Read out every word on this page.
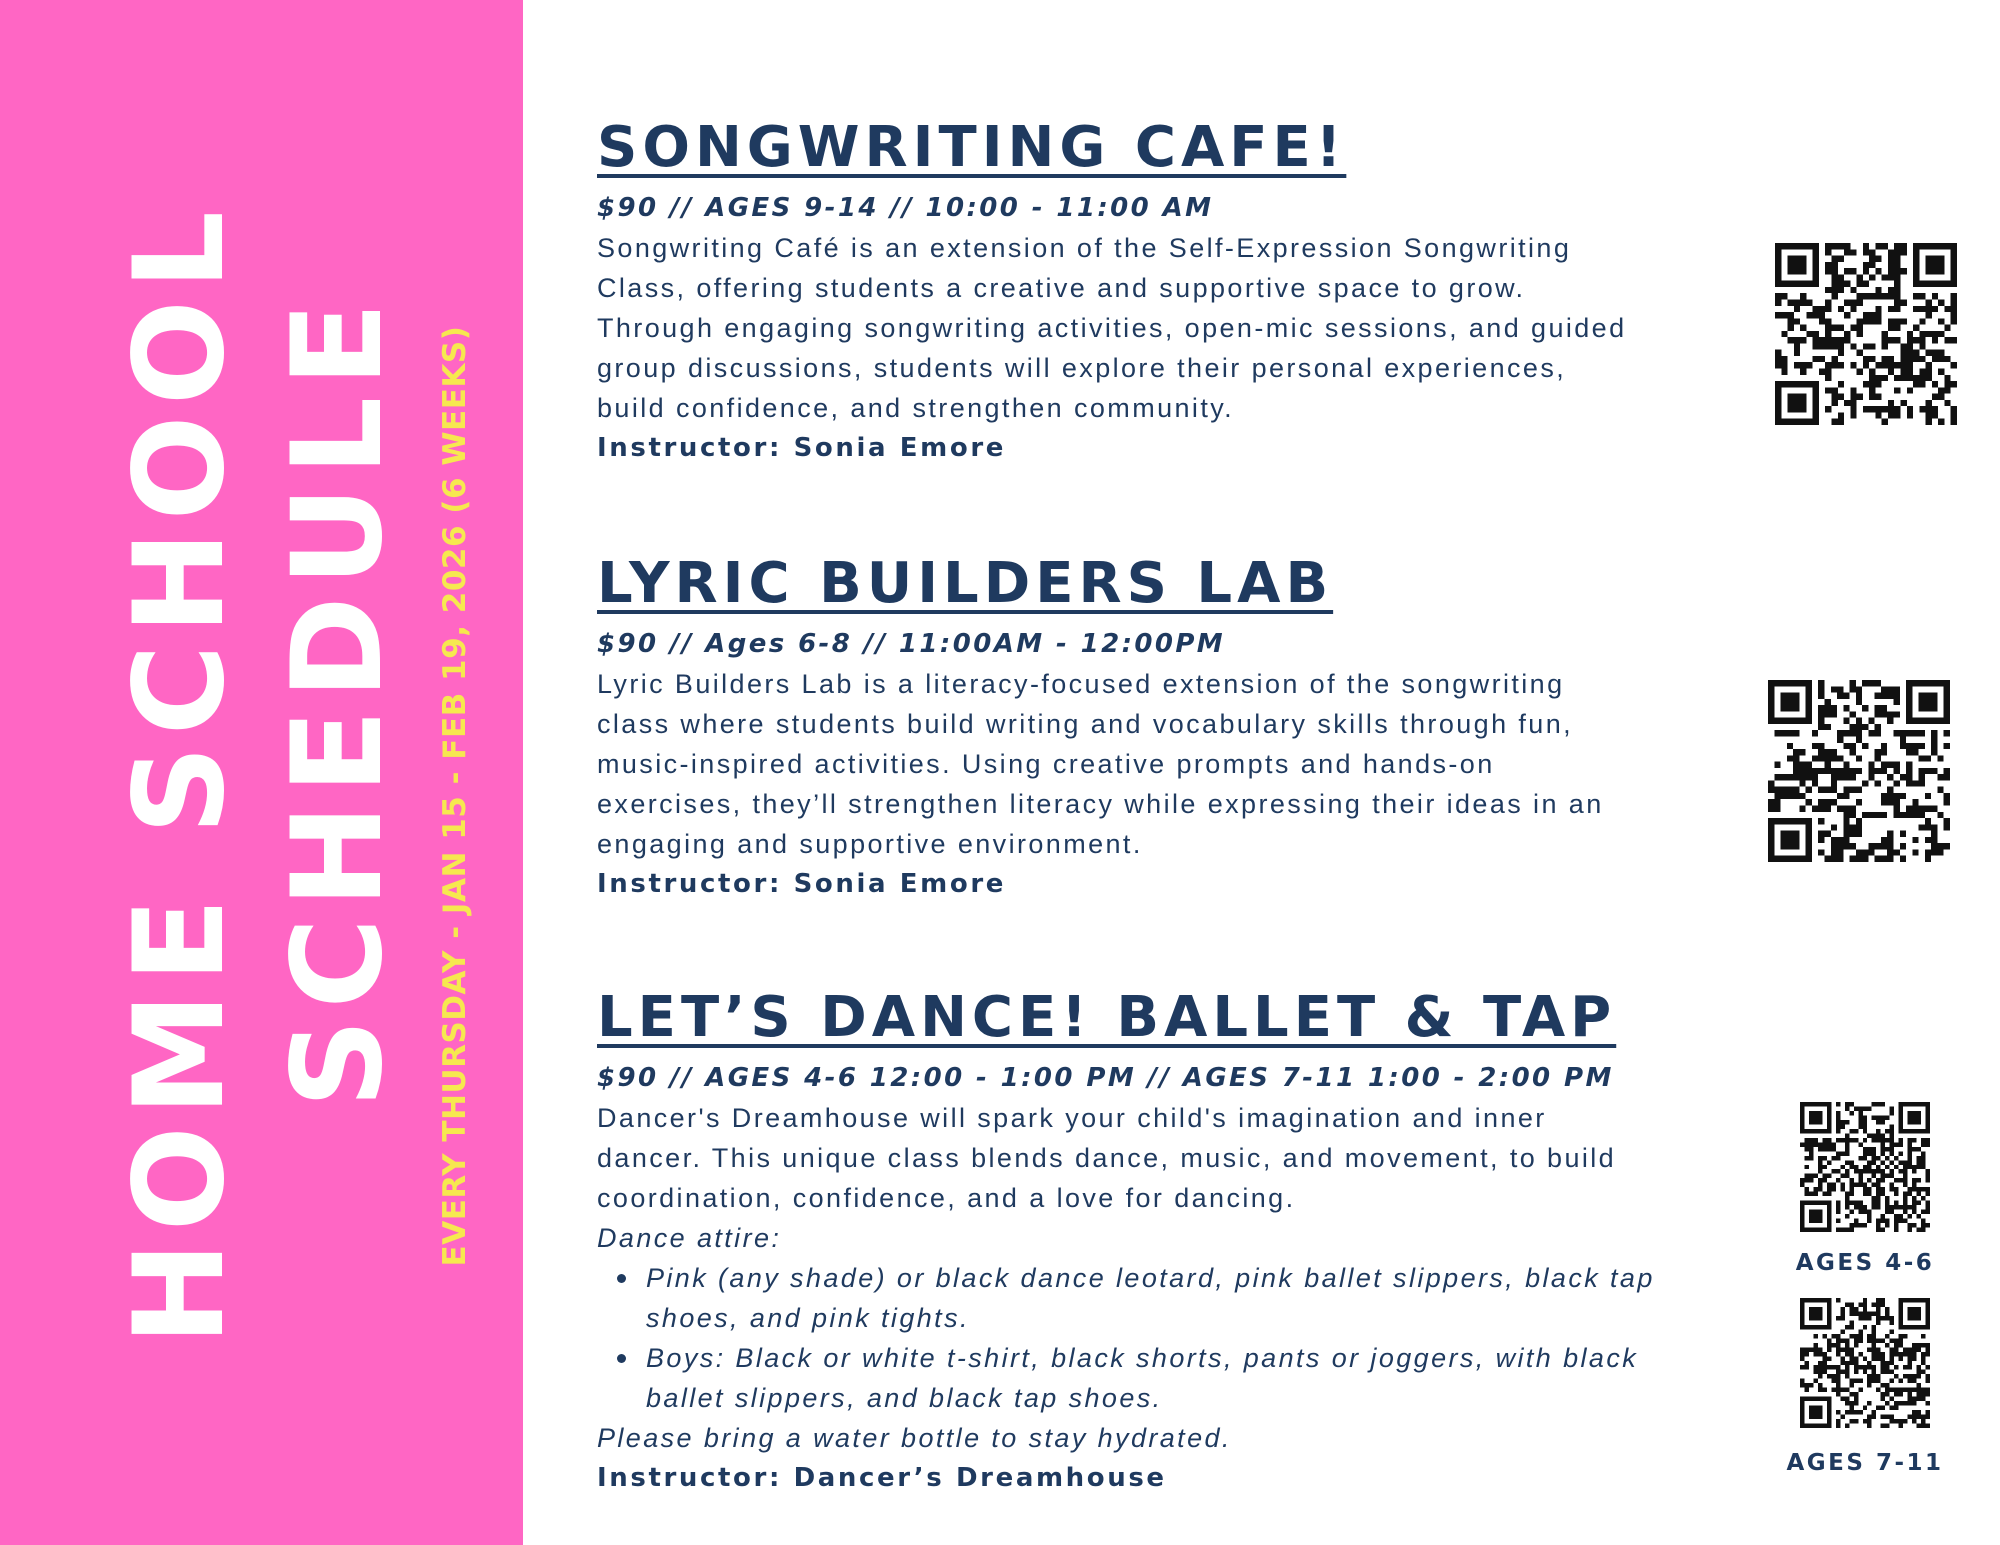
HOME SCHOOL SCHEDULE EVERY THURSDAY - JAN 15 - FEB 19, 2026 (6 WEEKS)
SONGWRITING CAFE!
$90 // AGES 9-14 // 10:00 - 11:00 AM
Songwriting Café is an extension of the Self-Expression Songwriting
Class, offering students a creative and supportive space to grow.
Through engaging songwriting activities, open-mic sessions, and guided
group discussions, students will explore their personal experiences,
build confidence, and strengthen community.
Instructor: Sonia Emore
LYRIC BUILDERS LAB
$90 // Ages 6-8 // 11:00AM - 12:00PM
Lyric Builders Lab is a literacy-focused extension of the songwriting
class where students build writing and vocabulary skills through fun,
music-inspired activities. Using creative prompts and hands-on
exercises, they’ll strengthen literacy while expressing their ideas in an
engaging and supportive environment.
Instructor: Sonia Emore
LET’S DANCE! BALLET & TAP
$90 // AGES 4-6 12:00 - 1:00 PM // AGES 7-11 1:00 - 2:00 PM
Dancer's Dreamhouse will spark your child's imagination and inner
dancer. This unique class blends dance, music, and movement, to build
coordination, confidence, and a love for dancing.
Dance attire:
Pink (any shade) or black dance leotard, pink ballet slippers, black tap
shoes, and pink tights.
Boys: Black or white t-shirt, black shorts, pants or joggers, with black
ballet slippers, and black tap shoes.
Please bring a water bottle to stay hydrated.
Instructor: Dancer’s Dreamhouse
AGES 4-6
AGES 7-11
